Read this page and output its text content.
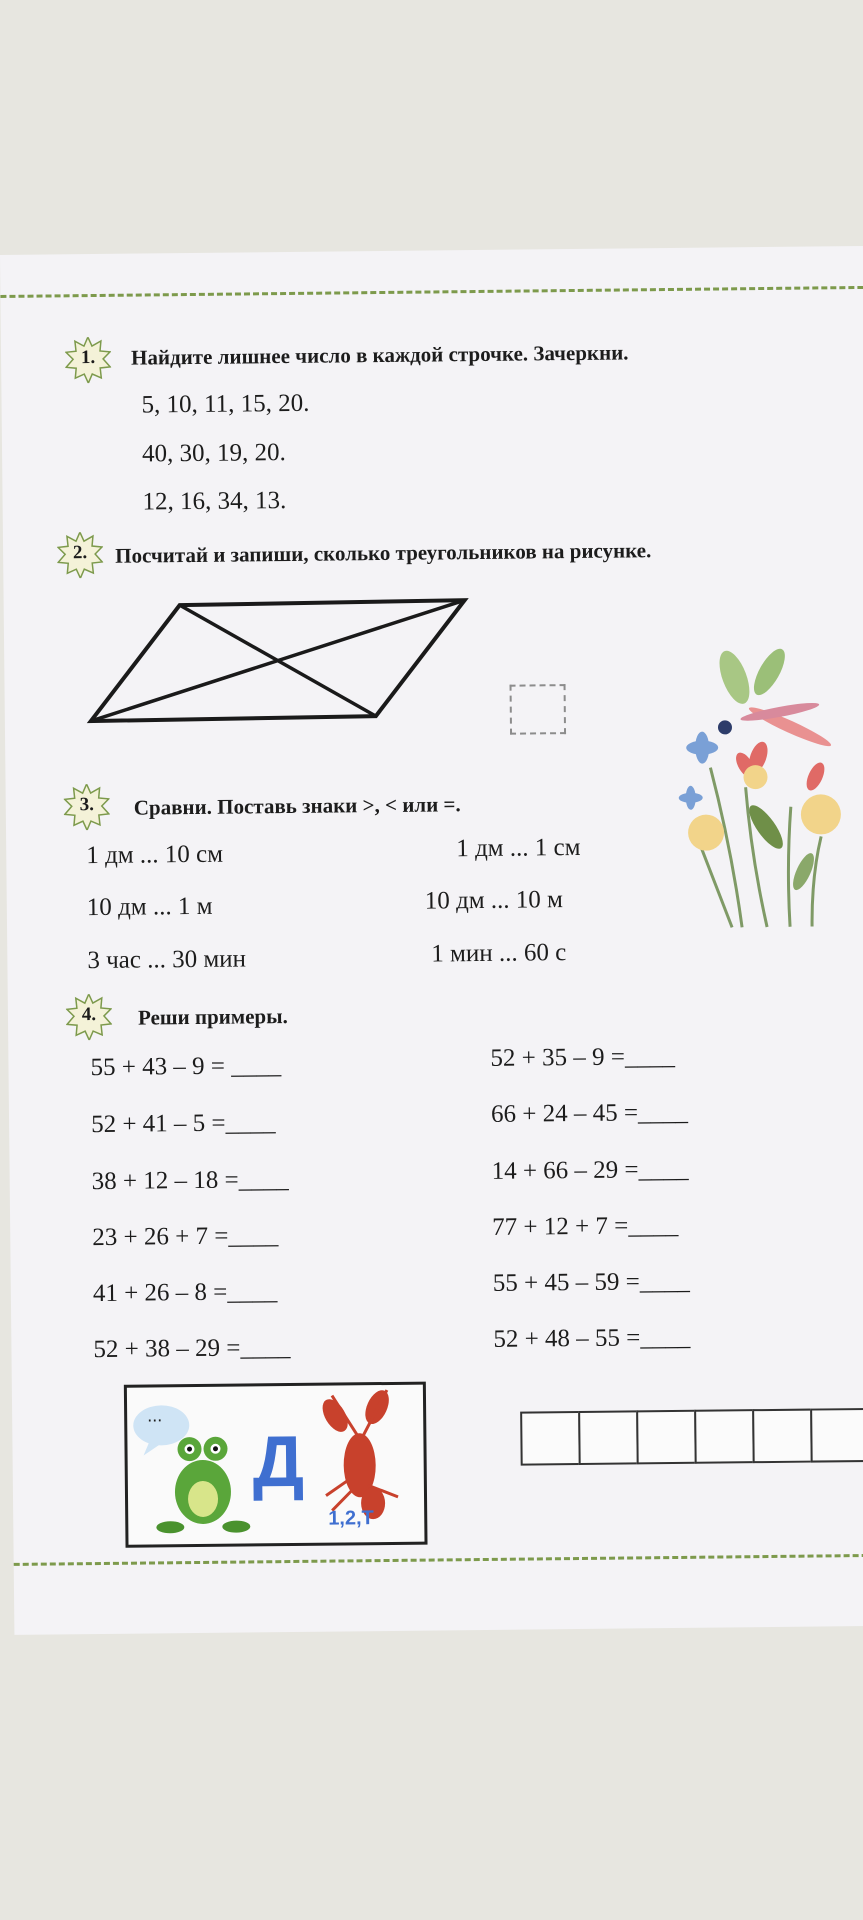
1.	Найдите лишнее число в каждой строчке. Зачеркни.
5, 10, 11, 15, 20.
40, 30, 19, 20.
12, 16, 34, 13.
2.	Посчитай и запиши, сколько треугольников на рисунке.
3.	Сравни. Поставь знаки >, < или =.
1 дм ... 10 см
10 дм ... 1 м
3 час ... 30 мин
1 дм ... 1 см
10 дм ... 10 м
1 мин ... 60 с
4.	Реши примеры.
55 + 43 – 9 = ____
52 + 41 – 5 =____
38 + 12 – 18 =____
23 + 26 + 7 =____
41 + 26 – 8 =____
52 + 38 – 29 =____
52 + 35 – 9 =____
66 + 24 – 45 =____
14 + 66 – 29 =____
77 + 12 + 7 =____
55 + 45 – 59 =____
52 + 48 – 55 =____
...
Д
1,2,Т
